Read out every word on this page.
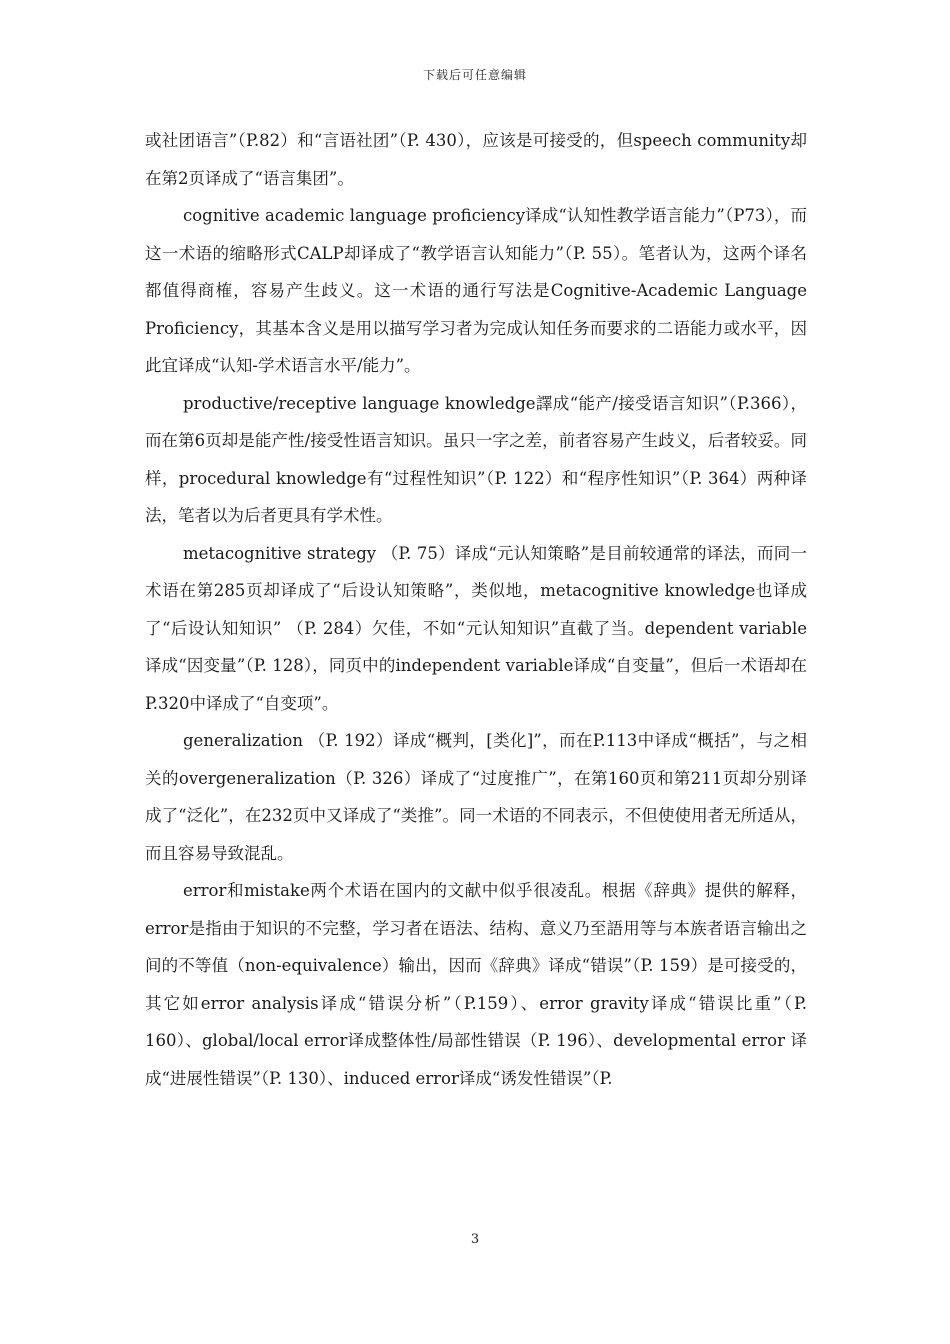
下载后可任意编辑

或社团语言”（P.82）和“言语社团”（P. 430），应该是可接受的，但speech community却在第2页译成了“语言集团”。

cognitive academic language proficiency译成“认知性教学语言能力”（P73），而这一术语的缩略形式CALP却译成了“教学语言认知能力”（P. 55）。笔者认为，这两个译名都值得商榷，容易产生歧义。这一术语的通行写法是Cognitive-Academic Language Proficiency，其基本含义是用以描写学习者为完成认知任务而要求的二语能力或水平，因此宜译成“认知-学术语言水平/能力”。

productive/receptive language knowledge譯成“能产/接受语言知识”（P.366），而在第6页却是能产性/接受性语言知识。虽只一字之差，前者容易产生歧义，后者较妥。同样，procedural knowledge有“过程性知识”（P. 122）和“程序性知识”（P. 364）两种译法，笔者以为后者更具有学术性。

metacognitive strategy （P. 75）译成“元认知策略”是目前较通常的译法，而同一术语在第285页却译成了“后设认知策略”，类似地，metacognitive knowledge也译成了“后设认知知识” （P. 284）欠佳，不如“元认知知识”直截了当。dependent variable译成“因变量”（P. 128），同页中的independent variable译成“自变量”，但后一术语却在P.320中译成了“自变项”。

generalization （P. 192）译成“概判，[类化]”，而在P.113中译成“概括”，与之相关的overgeneralization（P. 326）译成了“过度推广”，在第160页和第211页却分别译成了“泛化”，在232页中又译成了“类推”。同一术语的不同表示，不但使使用者无所适从，而且容易导致混乱。

error和mistake两个术语在国内的文献中似乎很凌乱。根据《辞典》提供的解释，error是指由于知识的不完整，学习者在语法、结构、意义乃至語用等与本族者语言输出之间的不等值（non-equivalence）输出，因而《辞典》译成“错误”（P. 159）是可接受的，其它如error analysis译成“错误分析”（P.159）、error gravity译成“错误比重”（P. 160）、global/local error译成整体性/局部性错误（P. 196）、developmental error 译成“进展性错误”（P. 130）、induced error译成“诱发性错误”（P.

3
